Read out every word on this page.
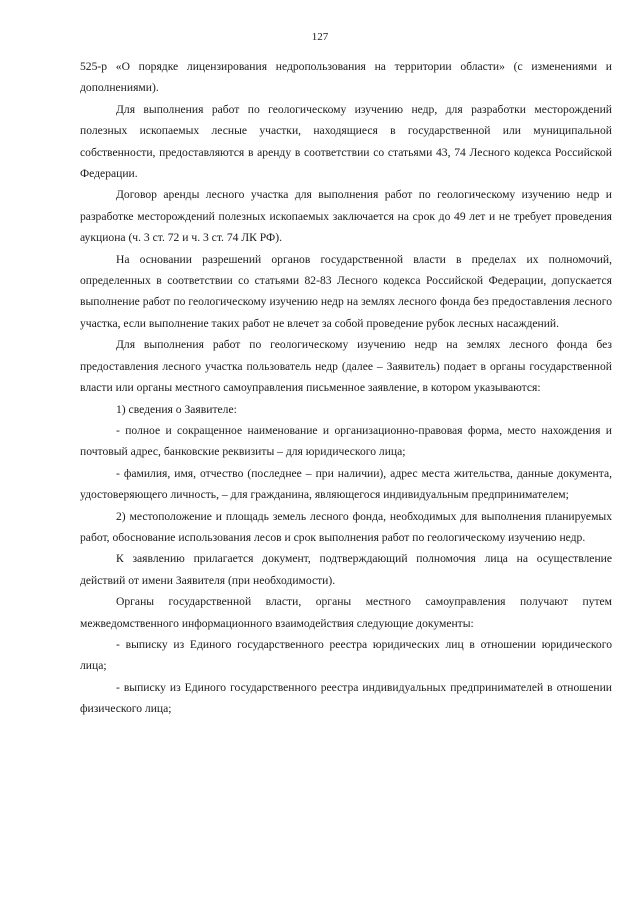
127

525-р «О порядке лицензирования недропользования на территории области» (с изменениями и дополнениями).

Для выполнения работ по геологическому изучению недр, для разработки месторождений полезных ископаемых лесные участки, находящиеся в государственной или муниципальной собственности, предоставляются в аренду в соответствии со статьями 43, 74 Лесного кодекса Российской Федерации.

Договор аренды лесного участка для выполнения работ по геологическому изучению недр и разработке месторождений полезных ископаемых заключается на срок до 49 лет и не требует проведения аукциона (ч. 3 ст. 72 и ч. 3 ст. 74 ЛК РФ).

На основании разрешений органов государственной власти в пределах их полномочий, определенных в соответствии со статьями 82-83 Лесного кодекса Российской Федерации, допускается выполнение работ по геологическому изучению недр на землях лесного фонда без предоставления лесного участка, если выполнение таких работ не влечет за собой проведение рубок лесных насаждений.

Для выполнения работ по геологическому изучению недр на землях лесного фонда без предоставления лесного участка пользователь недр (далее – Заявитель) подает в органы государственной власти или органы местного самоуправления письменное заявление, в котором указываются:

1) сведения о Заявителе:

- полное и сокращенное наименование и организационно-правовая форма, место нахождения и почтовый адрес, банковские реквизиты – для юридического лица;

- фамилия, имя, отчество (последнее – при наличии), адрес места жительства, данные документа, удостоверяющего личность, – для гражданина, являющегося индивидуальным предпринимателем;

2) местоположение и площадь земель лесного фонда, необходимых для выполнения планируемых работ, обоснование использования лесов и срок выполнения работ по геологическому изучению недр.

К заявлению прилагается документ, подтверждающий полномочия лица на осуществление действий от имени Заявителя (при необходимости).

Органы государственной власти, органы местного самоуправления получают путем межведомственного информационного взаимодействия следующие документы:

- выписку из Единого государственного реестра юридических лиц в отношении юридического лица;

- выписку из Единого государственного реестра индивидуальных предпринимателей в отношении физического лица;
